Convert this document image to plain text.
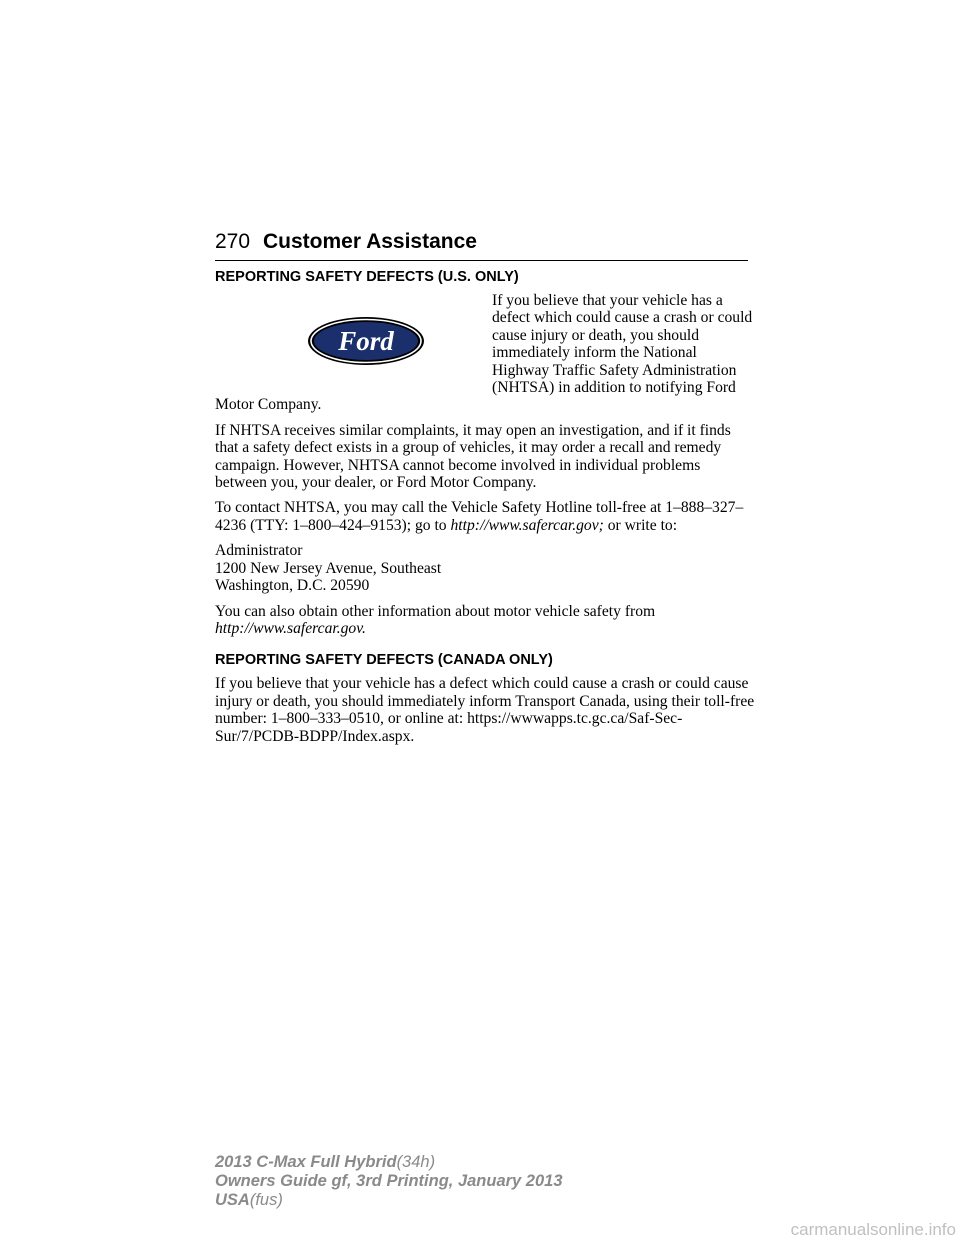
270 Customer Assistance
REPORTING SAFETY DEFECTS (U.S. ONLY)
Ford

If you believe that your vehicle has a defect which could cause a crash or could cause injury or death, you should immediately inform the National Highway Traffic Safety Administration (NHTSA) in addition to notifying Ford Motor Company.

If NHTSA receives similar complaints, it may open an investigation, and if it finds that a safety defect exists in a group of vehicles, it may order a recall and remedy campaign. However, NHTSA cannot become involved in individual problems between you, your dealer, or Ford Motor Company.

To contact NHTSA, you may call the Vehicle Safety Hotline toll-free at 1–888–327–4236 (TTY: 1–800–424–9153); go to http://www.safercar.gov; or write to:

Administrator
1200 New Jersey Avenue, Southeast
Washington, D.C. 20590

You can also obtain other information about motor vehicle safety from http://www.safercar.gov.

REPORTING SAFETY DEFECTS (CANADA ONLY)

If you believe that your vehicle has a defect which could cause a crash or could cause injury or death, you should immediately inform Transport Canada, using their toll-free number: 1–800–333–0510, or online at: https://wwwapps.tc.gc.ca/Saf-Sec-Sur/7/PCDB-BDPP/Index.aspx.

2013 C-Max Full Hybrid(34h)
Owners Guide gf, 3rd Printing, January 2013
USA(fus)
carmanualsonline.info
